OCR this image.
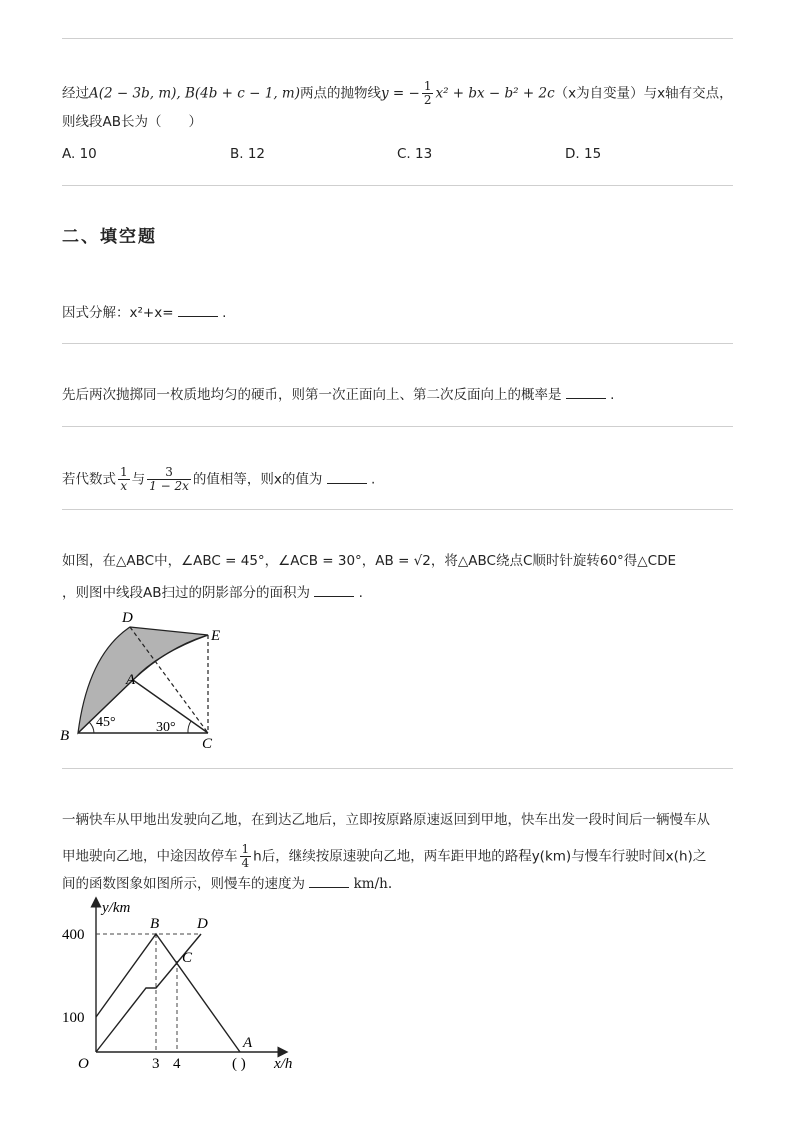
经过A(2 − 3b, m), B(4b + c − 1, m)两点的抛物线y = − $\frac{1}{2} x^2$ + bx − b² + 2c（x为自变量）与x轴有交点，
则线段AB长为（　　）
A. 10	B. 12	C. 13	D. 15
二、填空题
因式分解：x²+x=	.
先后两次抛掷同一枚质地均匀的硬币，则第一次正面向上、第二次反面向上的概率是	.
若代数式 $\frac{1}{x}$ 与 $\frac{3}{1 - 2x}$ 的值相等，则x的值为	.
如图，在△ABC中，∠ABC = 45°，∠ACB = 30°，AB = √2，将△ABC绕点C顺时针旋转60°得△CDE
，则图中线段AB扫过的阴影部分的面积为	.
D
E
A
B	C
45°	30°
一辆快车从甲地出发驶向乙地，在到达乙地后，立即按原路原速返回到甲地，快车出发一段时间后一辆慢车从
甲地驶向乙地，中途因故停车 $\frac{1}{4}$ h后，继续按原速驶向乙地，两车距甲地的路程y(km)与慢车行驶时间x(h)之
间的函数图象如图所示，则慢车的速度为	km/h.
y/km
x/h
O
400
100
3 4	( )
B	D
C
A
